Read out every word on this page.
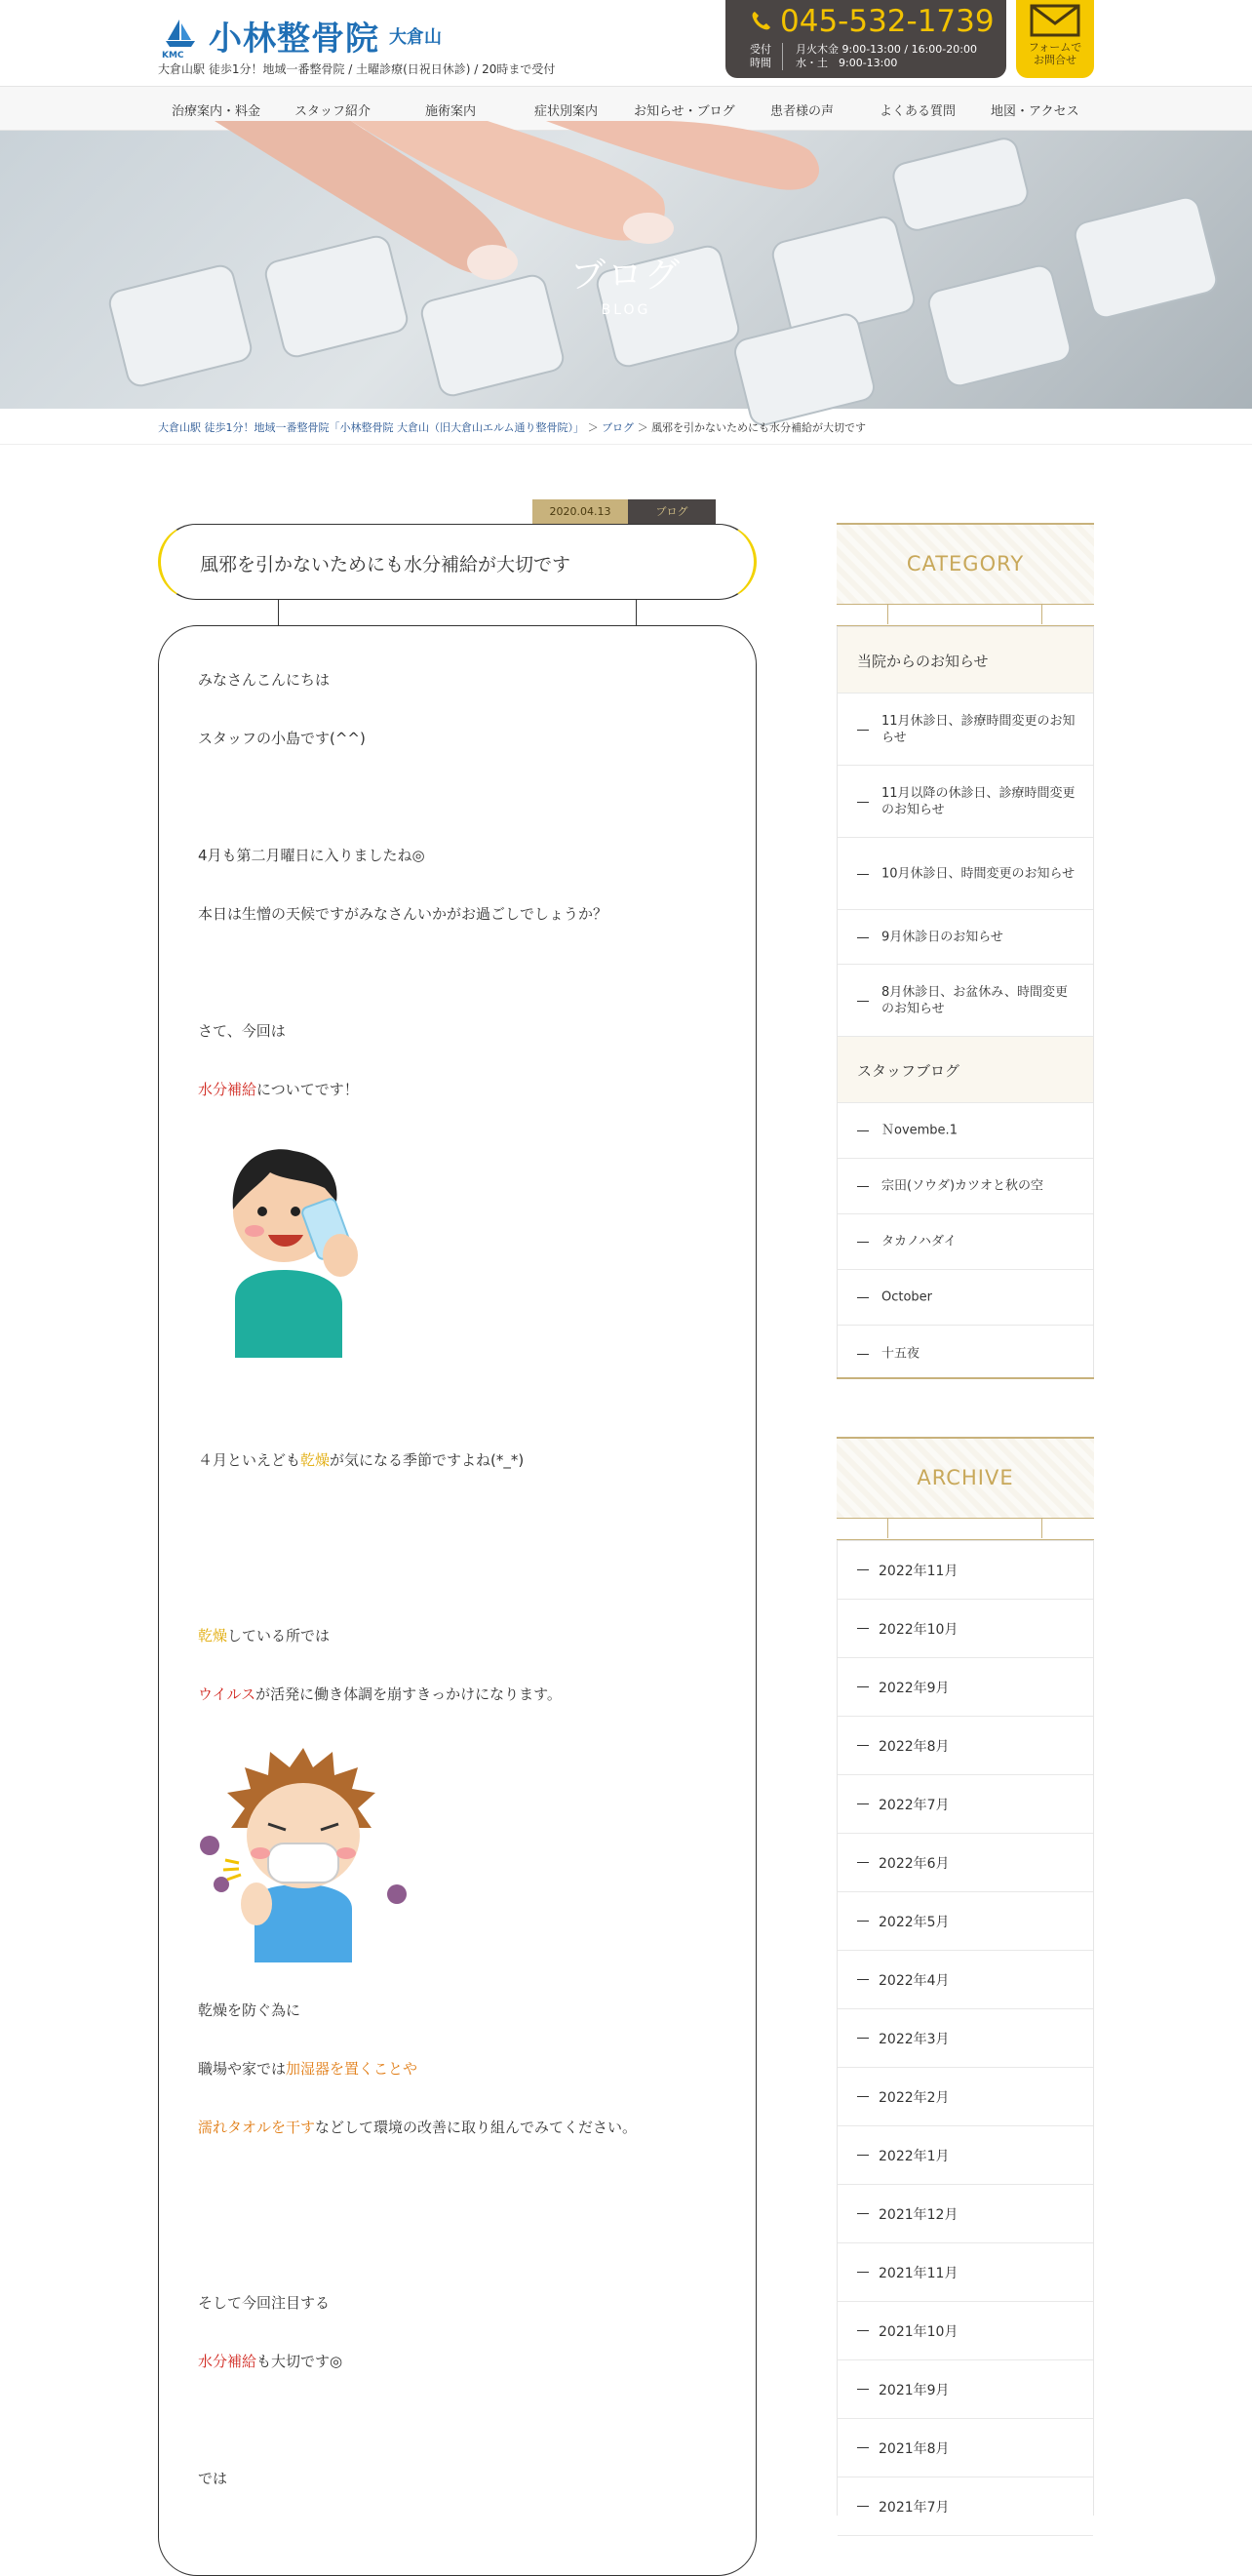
KMC 小林整骨院 大倉山
大倉山駅 徒歩1分！地域一番整骨院 / 土曜診療(日祝日休診) / 20時まで受付
045-532-1739
受付
時間
月火木金 9:00-13:00 / 16:00-20:00
水・土　9:00-13:00
フォームで
お問合せ
治療案内・料金	スタッフ紹介	施術案内	症状別案内	お知らせ・ブログ	患者様の声	よくある質問	地図・アクセス
ブログ
BLOG
大倉山駅 徒歩1分！地域一番整骨院「小林整骨院 大倉山（旧大倉山エルム通り整骨院）」 ＞ ブログ ＞ 風邪を引かないためにも水分補給が大切です
2020.04.13	ブログ
風邪を引かないためにも水分補給が大切です
みなさんこんにちは
スタッフの小島です(^^)
4月も第二月曜日に入りましたね◎
本日は生憎の天候ですがみなさんいかがお過ごしでしょうか？
さて、今回は
水分補給についてです！
４月といえども乾燥が気になる季節ですよね(*_*)
乾燥している所では
ウイルスが活発に働き体調を崩すきっかけになります。
乾燥を防ぐ為に
職場や家では加湿器を置くことや
濡れタオルを干すなどして環境の改善に取り組んでみてください。
そして今回注目する
水分補給も大切です◎
では
CATEGORY
当院からのお知らせ
11月休診日、診療時間変更のお知らせ
11月以降の休診日、診療時間変更のお知らせ
10月休診日、時間変更のお知らせ
9月休診日のお知らせ
8月休診日、お盆休み、時間変更のお知らせ
スタッフブログ
Ｎovembe.1
宗田(ソウダ)カツオと秋の空
タカノハダイ
October
十五夜
ARCHIVE
2022年11月
2022年10月
2022年9月
2022年8月
2022年7月
2022年6月
2022年5月
2022年4月
2022年3月
2022年2月
2022年1月
2021年12月
2021年11月
2021年10月
2021年9月
2021年8月
2021年7月
